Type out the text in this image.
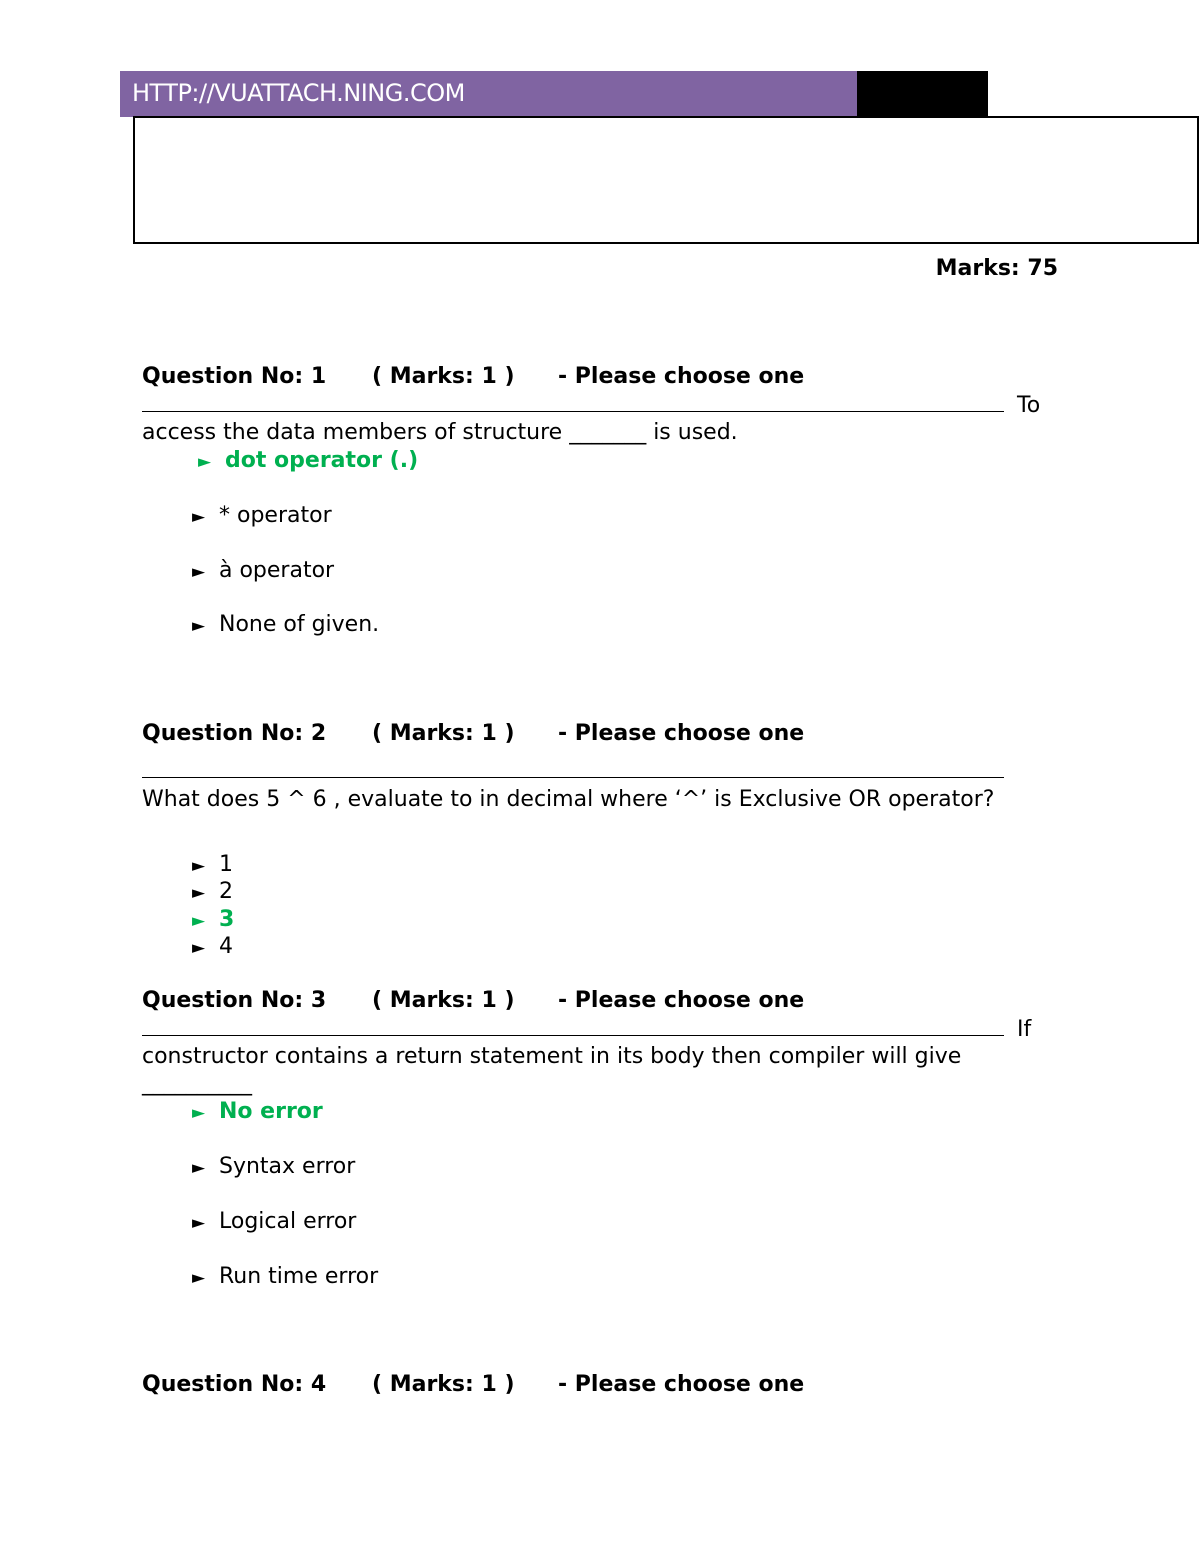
HTTP://VUATTACH.NING.COM
Marks: 75
Question No: 1 ( Marks: 1 ) - Please choose one
To
access the data members of structure _______ is used.
► dot operator (.)
► * operator
► à operator
► None of given.
Question No: 2 ( Marks: 1 ) - Please choose one
What does 5 ^ 6 , evaluate to in decimal where ‘^’ is Exclusive OR operator?
► 1
► 2
► 3
► 4
Question No: 3 ( Marks: 1 ) - Please choose one
If
constructor contains a return statement in its body then compiler will give
__________
► No error
► Syntax error
► Logical error
► Run time error
Question No: 4 ( Marks: 1 ) - Please choose one
